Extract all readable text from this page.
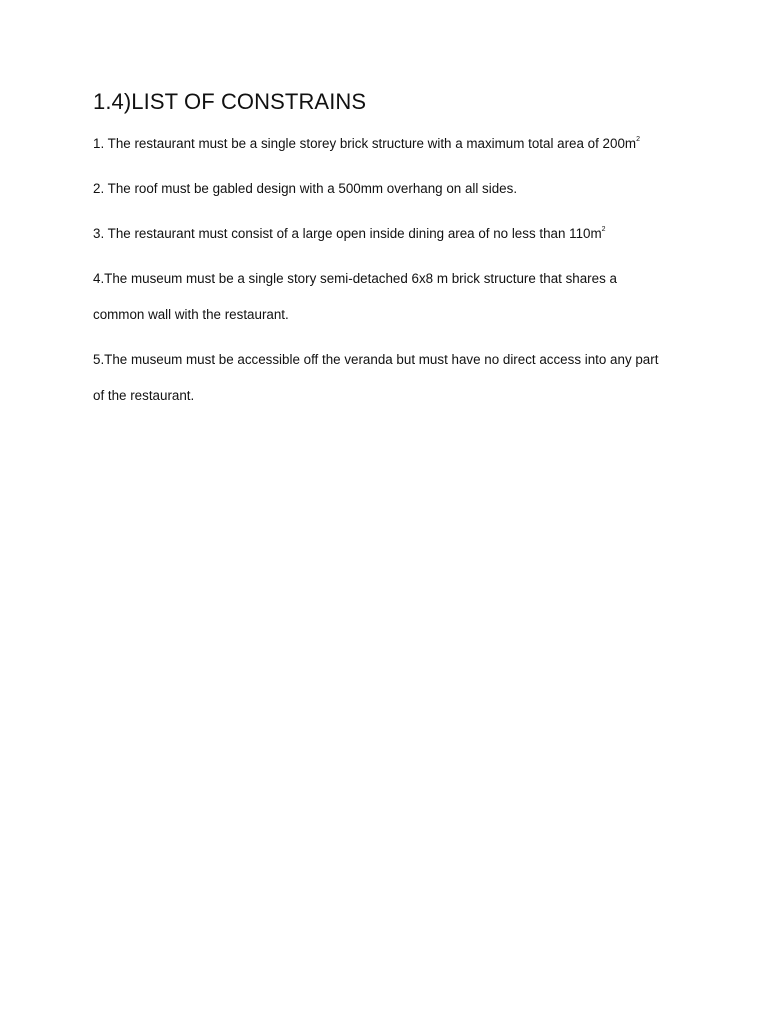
1.4)LIST OF CONSTRAINS

1. The restaurant must be a single storey brick structure with a maximum total area of $200m^2$

2. The roof must be gabled design with a 500mm overhang on all sides.

3. The restaurant must consist of a large open inside dining area of no less than $110m^2$

4.The museum must be a single story semi-detached 6x8 m brick structure that shares a common wall with the restaurant.

5.The museum must be accessible off the veranda but must have no direct access into any part of the restaurant.
